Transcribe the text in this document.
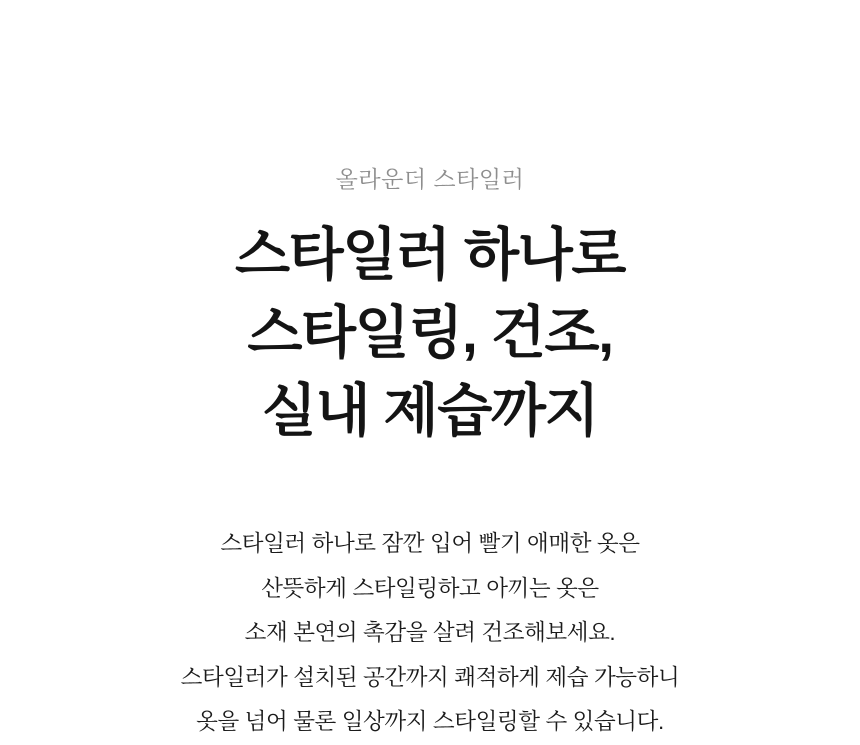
올라운더 스타일러
스타일러 하나로
스타일링, 건조,
실내 제습까지
스타일러 하나로 잠깐 입어 빨기 애매한 옷은
산뜻하게 스타일링하고 아끼는 옷은
소재 본연의 촉감을 살려 건조해보세요.
스타일러가 설치된 공간까지 쾌적하게 제습 가능하니
옷을 넘어 물론 일상까지 스타일링할 수 있습니다.
